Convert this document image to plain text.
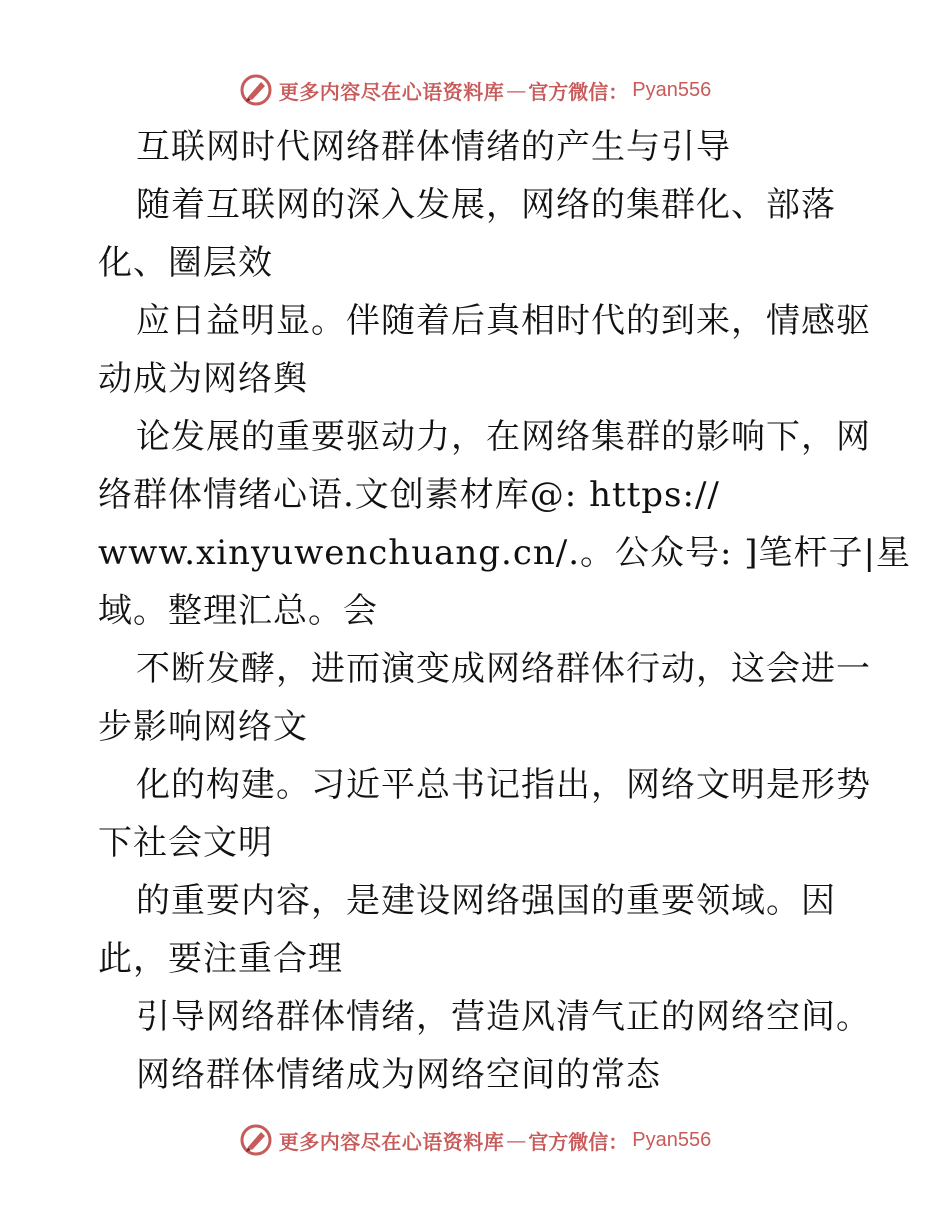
更多内容尽在心语资料库 — 官方微信： Pyan556
互联网时代网络群体情绪的产生与引导
随着互联网的深入发展，网络的集群化、部落
化、圈层效
应日益明显。伴随着后真相时代的到来，情感驱
动成为网络舆
论发展的重要驱动力，在网络集群的影响下，网
络群体情绪心语.文创素材库@: https://
www.xinyuwenchuang.cn/.。公众号: ]笔杆子|星
域。整理汇总。会
不断发酵，进而演变成网络群体行动，这会进一
步影响网络文
化的构建。习近平总书记指出，网络文明是形势
下社会文明
的重要内容，是建设网络强国的重要领域。因
此，要注重合理
引导网络群体情绪，营造风清气正的网络空间。
网络群体情绪成为网络空间的常态
更多内容尽在心语资料库 — 官方微信： Pyan556
